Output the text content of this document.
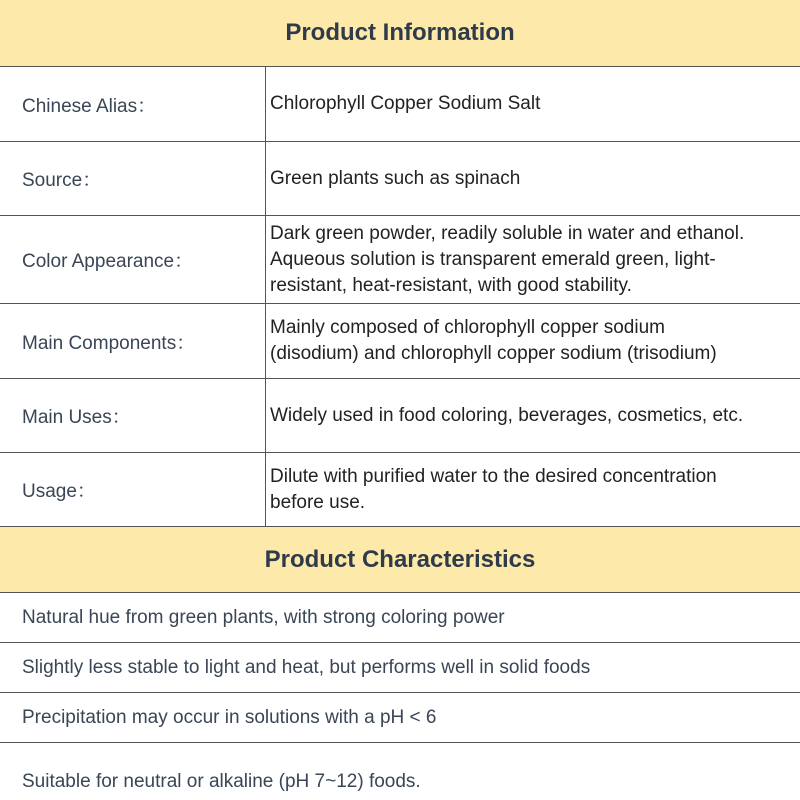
Product Information
Chinese Alias：	Chlorophyll Copper Sodium Salt
Source：	Green plants such as spinach
Color Appearance：
Dark green powder, readily soluble in water and ethanol.
Aqueous solution is transparent emerald green, light-
resistant, heat-resistant, with good stability.
Main Components：
Mainly composed of chlorophyll copper sodium
(disodium) and chlorophyll copper sodium (trisodium)
Main Uses：	Widely used in food coloring, beverages, cosmetics, etc.
Usage：
Dilute with purified water to the desired concentration
before use.
Product Characteristics
Natural hue from green plants, with strong coloring power
Slightly less stable to light and heat, but performs well in solid foods
Precipitation may occur in solutions with a pH < 6
Suitable for neutral or alkaline (pH 7~12) foods.
